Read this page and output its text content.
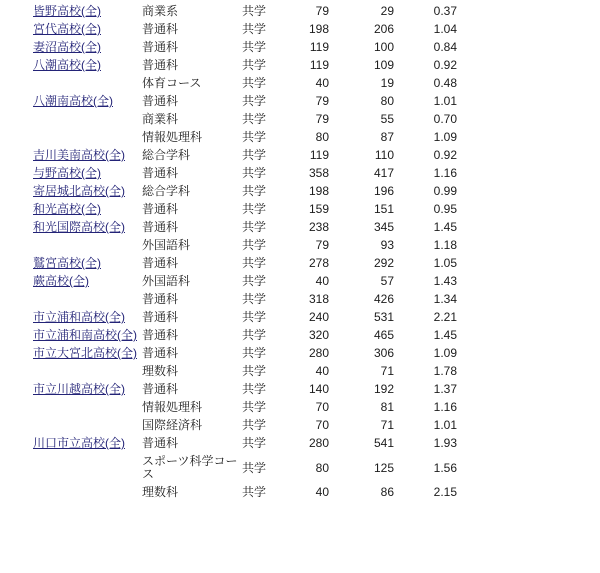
皆野高校(全)	商業系	共学	79	29	0.37
宮代高校(全)	普通科	共学	198	206	1.04
妻沼高校(全)	普通科	共学	119	100	0.84
八潮高校(全)	普通科	共学	119	109	0.92
	体育コース	共学	40	19	0.48
八潮南高校(全)	普通科	共学	79	80	1.01
	商業科	共学	79	55	0.70
	情報処理科	共学	80	87	1.09
吉川美南高校(全)	総合学科	共学	119	110	0.92
与野高校(全)	普通科	共学	358	417	1.16
寄居城北高校(全)	総合学科	共学	198	196	0.99
和光高校(全)	普通科	共学	159	151	0.95
和光国際高校(全)	普通科	共学	238	345	1.45
	外国語科	共学	79	93	1.18
鷲宮高校(全)	普通科	共学	278	292	1.05
蕨高校(全)	外国語科	共学	40	57	1.43
	普通科	共学	318	426	1.34
市立浦和高校(全)	普通科	共学	240	531	2.21
市立浦和南高校(全)	普通科	共学	320	465	1.45
市立大宮北高校(全)	普通科	共学	280	306	1.09
	理数科	共学	40	71	1.78
市立川越高校(全)	普通科	共学	140	192	1.37
	情報処理科	共学	70	81	1.16
	国際経済科	共学	70	71	1.01
川口市立高校(全)	普通科	共学	280	541	1.93
	スポーツ科学コース	共学	80	125	1.56
	理数科	共学	40	86	2.15
